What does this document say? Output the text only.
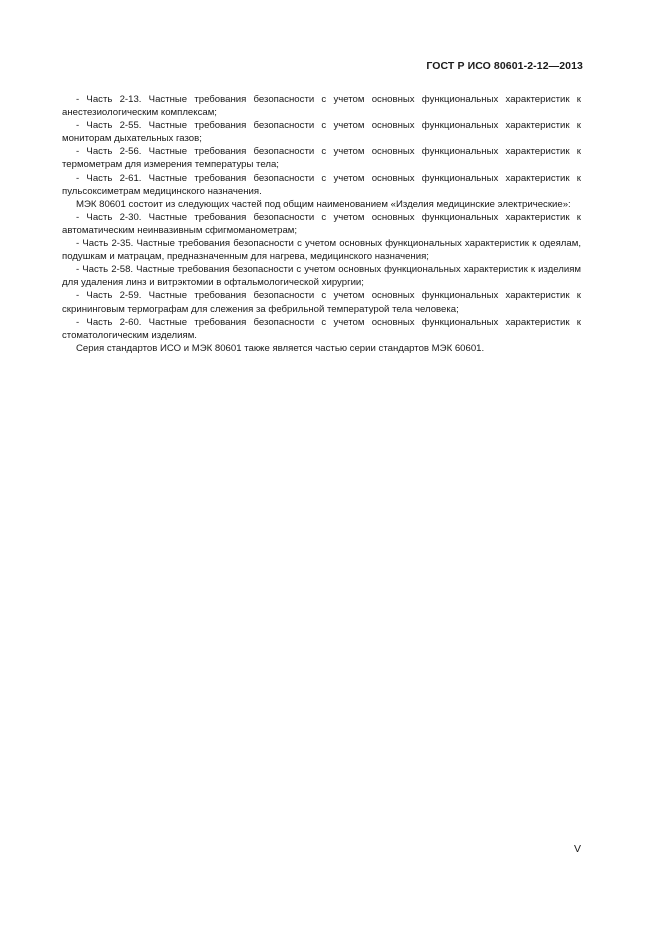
ГОСТ Р ИСО 80601-2-12—2013

- Часть 2-13. Частные требования безопасности с учетом основных функциональных характеристик к анестезиологическим комплексам;

- Часть 2-55. Частные требования безопасности с учетом основных функциональных характеристик к мониторам дыхательных газов;

- Часть 2-56. Частные требования безопасности с учетом основных функциональных характеристик к термометрам для измерения температуры тела;

- Часть 2-61. Частные требования безопасности с учетом основных функциональных характеристик к пульсоксиметрам медицинского назначения.

МЭК 80601 состоит из следующих частей под общим наименованием «Изделия медицинские электрические»:

- Часть 2-30. Частные требования безопасности с учетом основных функциональных характеристик к автоматическим неинвазивным сфигмоманометрам;

- Часть 2-35. Частные требования безопасности с учетом основных функциональных характеристик к одеялам, подушкам и матрацам, предназначенным для нагрева, медицинского назначения;

- Часть 2-58. Частные требования безопасности с учетом основных функциональных характеристик к изделиям для удаления линз и витрэктомии в офтальмологической хирургии;

- Часть 2-59. Частные требования безопасности с учетом основных функциональных характеристик к скрининговым термографам для слежения за фебрильной температурой тела человека;

- Часть 2-60. Частные требования безопасности с учетом основных функциональных характеристик к стоматологическим изделиям.

Серия стандартов ИСО и МЭК 80601 также является частью серии стандартов МЭК 60601.

V
